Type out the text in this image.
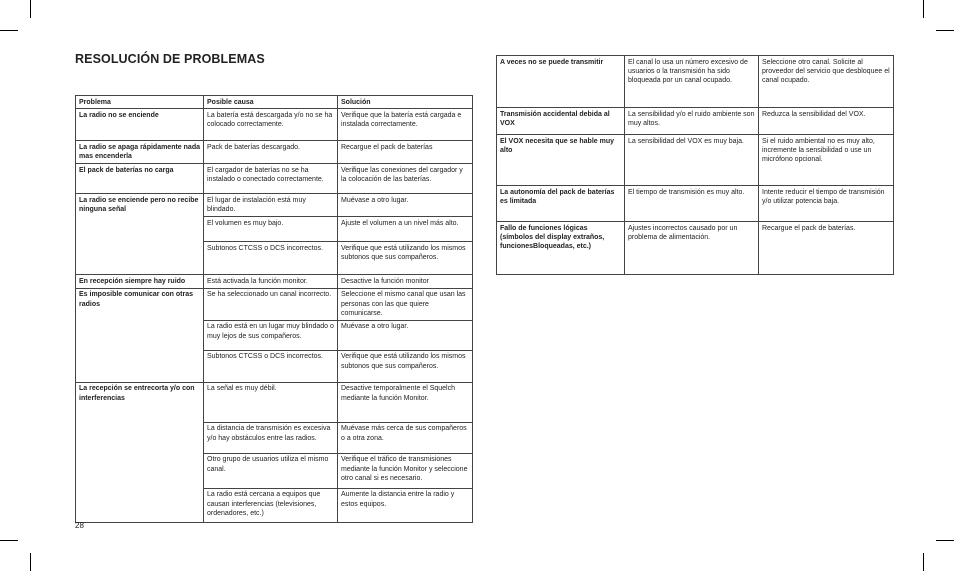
RESOLUCIÓN DE PROBLEMAS
Problema	Posible causa	Solución
La radio no se enciende	La batería está descargada y/o no se ha colocado correctamente.	Verifique que la batería está cargada e instalada correctamente.
La radio se apaga rápidamente nada mas encenderla	Pack de baterías descargado.	Recargue el pack de baterías
El pack de baterías no carga	El cargador de baterías no se ha instalado o conectado correctamente.	Verifique las conexiones del cargador y la colocación de las baterías.
La radio se enciende pero no recibe ninguna señal	El lugar de instalación está muy blindado.	Muévase a otro lugar.
	El volumen es muy bajo.	Ajuste el volumen a un nivel más alto.
	Subtonos CTCSS o DCS incorrectos.	Verifique que está utilizando los mismos subtonos que sus compañeros.
En recepción siempre hay ruido	Está activada la función monitor.	Desactive la función monitor
Es imposible comunicar con otras radios	Se ha seleccionado un canal incorrecto.	Seleccione el mismo canal que usan las personas con las que quiere comunicarse.
	La radio está en un lugar muy blindado o muy lejos de sus compañeros.	Muévase a otro lugar.
	Subtonos CTCSS o DCS incorrectos.	Verifique que está utilizando los mismos subtonos que sus compañeros.
La recepción se entrecorta y/o con interferencias	La señal es muy débil.	Desactive temporalmente el Squelch mediante la función Monitor.
	La distancia de transmisión es excesiva y/o hay obstáculos entre las radios.	Muévase más cerca de sus compañeros o a otra zona.
	Otro grupo de usuarios utiliza el mismo canal.	Verifique el tráfico de transmisiones mediante la función Monitor y seleccione otro canal si es necesario.
	La radio está cercana a equipos que causan interferencias (televisiones, ordenadores, etc.)	Aumente la distancia entre la radio y estos equipos.
A veces no se puede transmitir	El canal lo usa un número excesivo de usuarios o la transmisión ha sido bloqueada por un canal ocupado.	Seleccione otro canal. Solicite al proveedor del servicio que desbloquee el canal ocupado.
Transmisión accidental debida al VOX	La sensibilidad y/o el ruido ambiente son muy altos.	Reduzca la sensibilidad del VOX.
El VOX necesita que se hable muy alto	La sensibilidad del VOX es muy baja.	Si el ruido ambiental no es muy alto, incremente la sensibilidad o use un micrófono opcional.
La autonomía del pack de baterías es limitada	El tiempo de transmisión es muy alto.	Intente reducir el tiempo de transmisión y/o utilizar potencia baja.
Fallo de funciones lógicas (símbolos del display extraños, funcionesBloqueadas, etc.)	Ajustes incorrectos causado por un problema de alimentación.	Recargue el pack de baterías.
28
